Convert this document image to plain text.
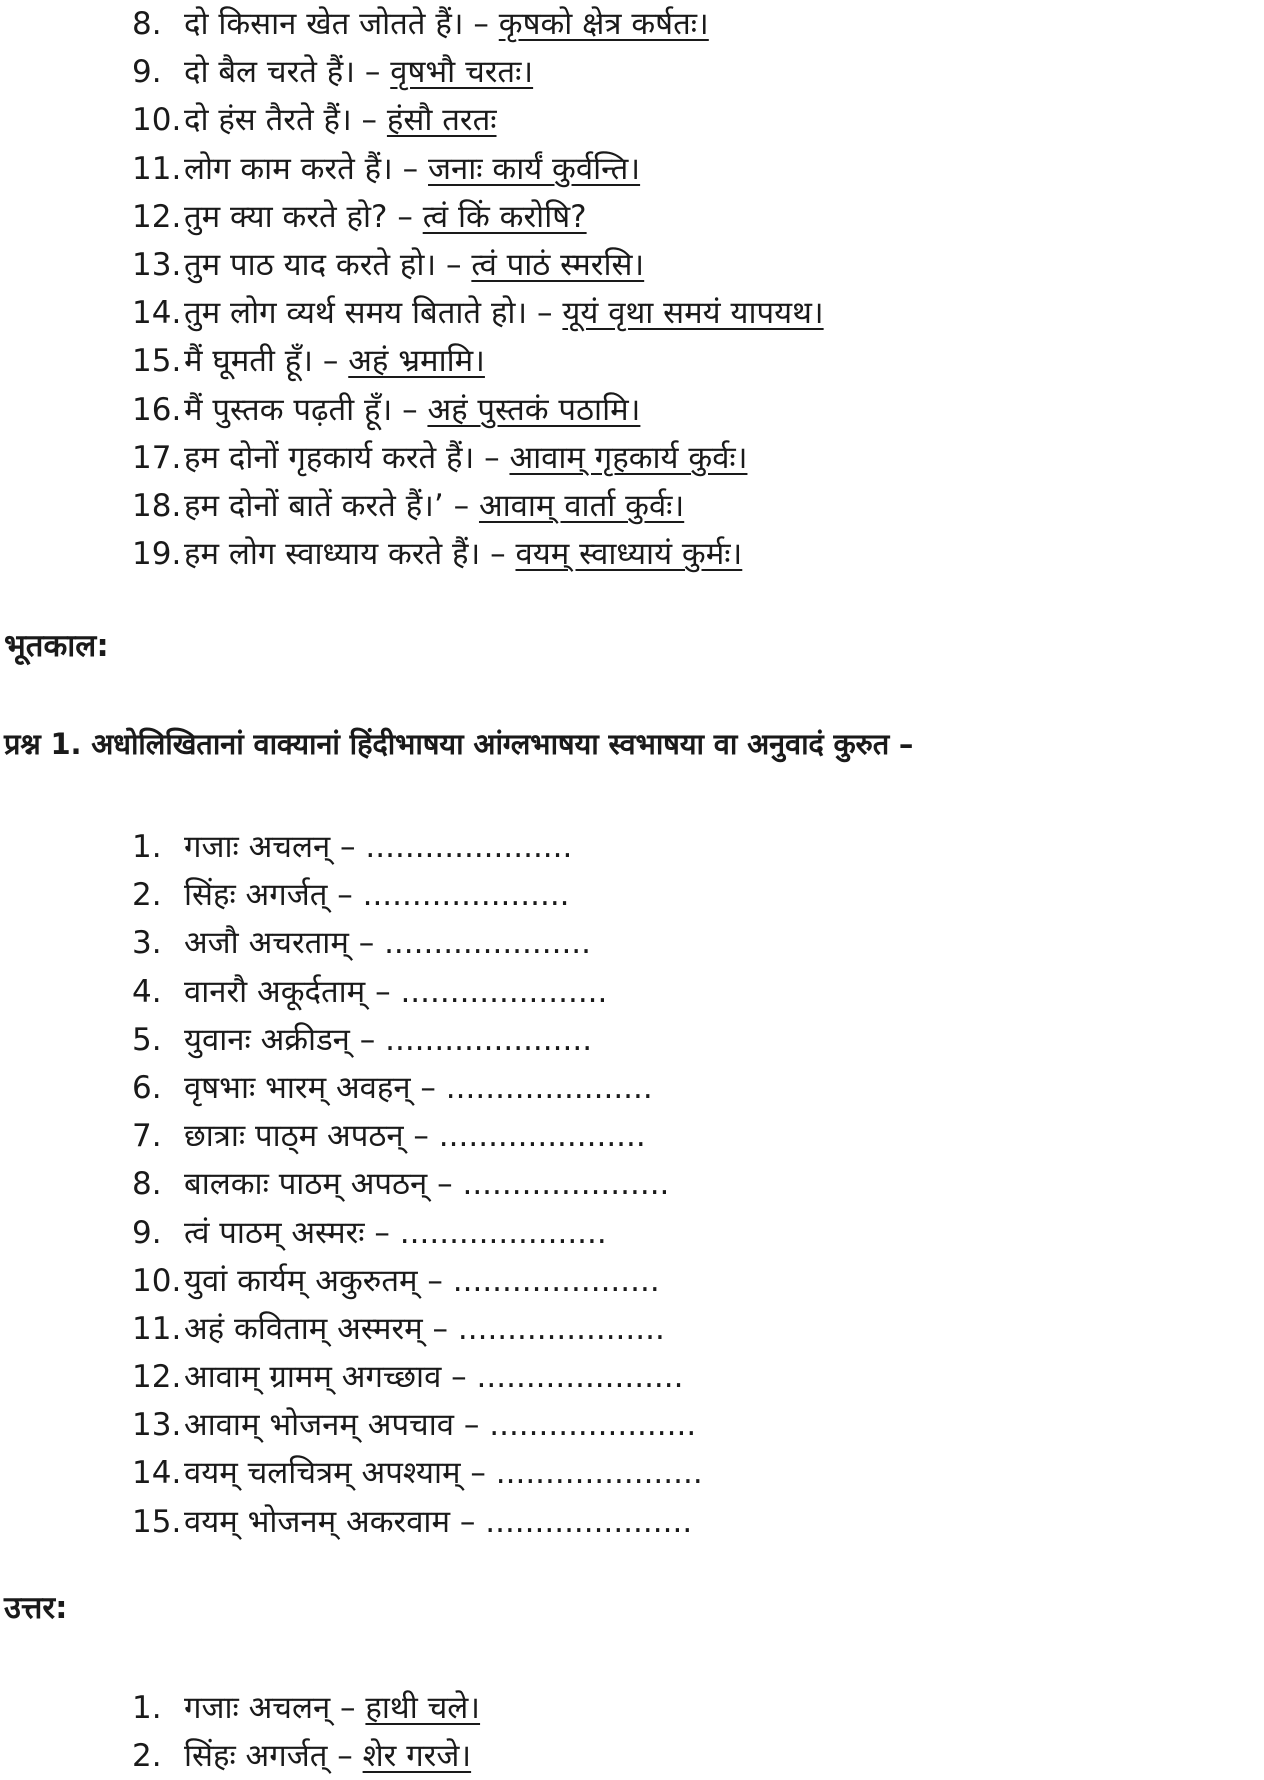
8. दो किसान खेत जोतते हैं। – कृषको क्षेत्र कर्षतः।
9. दो बैल चरते हैं। – वृषभौ चरतः।
10.दो हंस तैरते हैं। – हंसौ तरतः
11.लोग काम करते हैं। – जनाः कार्यं कुर्वन्ति।
12.तुम क्या करते हो? – त्वं किं करोषि?
13.तुम पाठ याद करते हो। – त्वं पाठं स्मरसि।
14.तुम लोग व्यर्थ समय बिताते हो। – यूयं वृथा समयं यापयथ।
15.मैं घूमती हूँ। – अहं भ्रमामि।
16.मैं पुस्तक पढ़ती हूँ। – अहं पुस्तकं पठामि।
17.हम दोनों गृहकार्य करते हैं। – आवाम् गृहकार्य कुर्वः।
18.हम दोनों बातें करते हैं।’ – आवाम् वार्ता कुर्वः।
19.हम लोग स्वाध्याय करते हैं। – वयम् स्वाध्यायं कुर्मः।
भूतकाल:

प्रश्न 1. अधोलिखितानां वाक्यानां हिंदीभाषया आंग्लभाषया स्वभाषया वा अनुवादं कुरुत –

1. गजाः अचलन् – .....................
2. सिंहः अगर्जत् – .....................
3. अजौ अचरताम् – .....................
4. वानरौ अकूर्दताम् – .....................
5. युवानः अक्रीडन् – .....................
6. वृषभाः भारम् अवहन् – .....................
7. छात्राः पाठ्म अपठन् – .....................
8. बालकाः पाठम् अपठन् – .....................
9. त्वं पाठम् अस्मरः – .....................
10.युवां कार्यम् अकुरुतम् – .....................
11.अहं कविताम् अस्मरम् – .....................
12.आवाम् ग्रामम् अगच्छाव – .....................
13.आवाम् भोजनम् अपचाव – .....................
14.वयम् चलचित्रम् अपश्याम् – .....................
15.वयम् भोजनम् अकरवाम – .....................
उत्तर:
1. गजाः अचलन् – हाथी चले।
2. सिंहः अगर्जत् – शेर गरजे।
